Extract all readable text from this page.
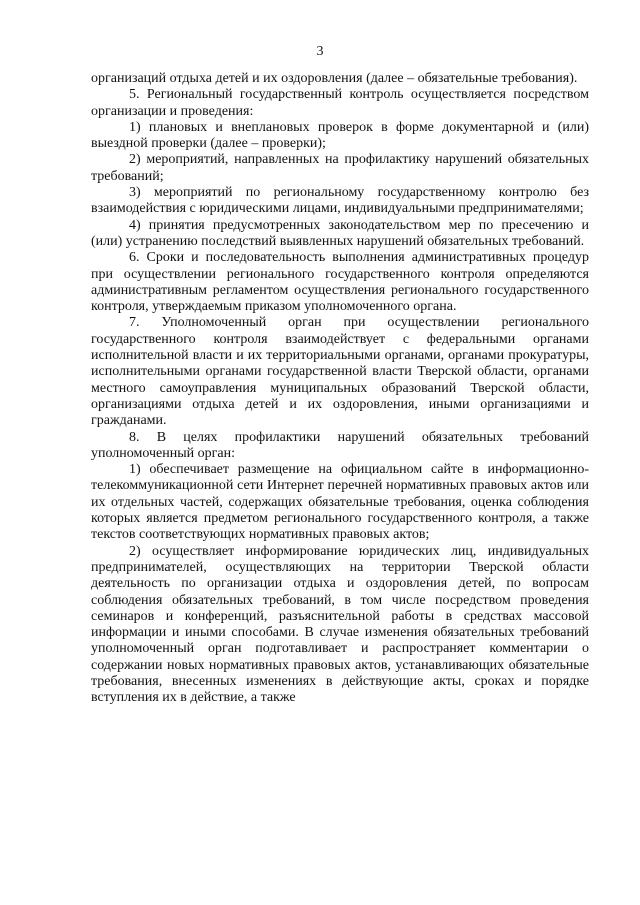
3

организаций отдыха детей и их оздоровления (далее – обязательные требования).

5. Региональный государственный контроль осуществляется посредством организации и проведения:

1) плановых и внеплановых проверок в форме документарной и (или) выездной проверки (далее – проверки);

2) мероприятий, направленных на профилактику нарушений обязательных требований;

3) мероприятий по региональному государственному контролю без взаимодействия с юридическими лицами, индивидуальными предпринимателями;

4) принятия предусмотренных законодательством мер по пресечению и (или) устранению последствий выявленных нарушений обязательных требований.

6. Сроки и последовательность выполнения административных процедур при осуществлении регионального государственного контроля определяются административным регламентом осуществления регионального государственного контроля, утверждаемым приказом уполномоченного органа.

7. Уполномоченный орган при осуществлении регионального государственного контроля взаимодействует с федеральными органами исполнительной власти и их территориальными органами, органами прокуратуры, исполнительными органами государственной власти Тверской области, органами местного самоуправления муниципальных образований Тверской области, организациями отдыха детей и их оздоровления, иными организациями и гражданами.

8. В целях профилактики нарушений обязательных требований уполномоченный орган:

1) обеспечивает размещение на официальном сайте в информационно-телекоммуникационной сети Интернет перечней нормативных правовых актов или их отдельных частей, содержащих обязательные требования, оценка соблюдения которых является предметом регионального государственного контроля, а также текстов соответствующих нормативных правовых актов;

2) осуществляет информирование юридических лиц, индивидуальных предпринимателей, осуществляющих на территории Тверской области деятельность по организации отдыха и оздоровления детей, по вопросам соблюдения обязательных требований, в том числе посредством проведения семинаров и конференций, разъяснительной работы в средствах массовой информации и иными способами. В случае изменения обязательных требований уполномоченный орган подготавливает и распространяет комментарии о содержании новых нормативных правовых актов, устанавливающих обязательные требования, внесенных изменениях в действующие акты, сроках и порядке вступления их в действие, а также
